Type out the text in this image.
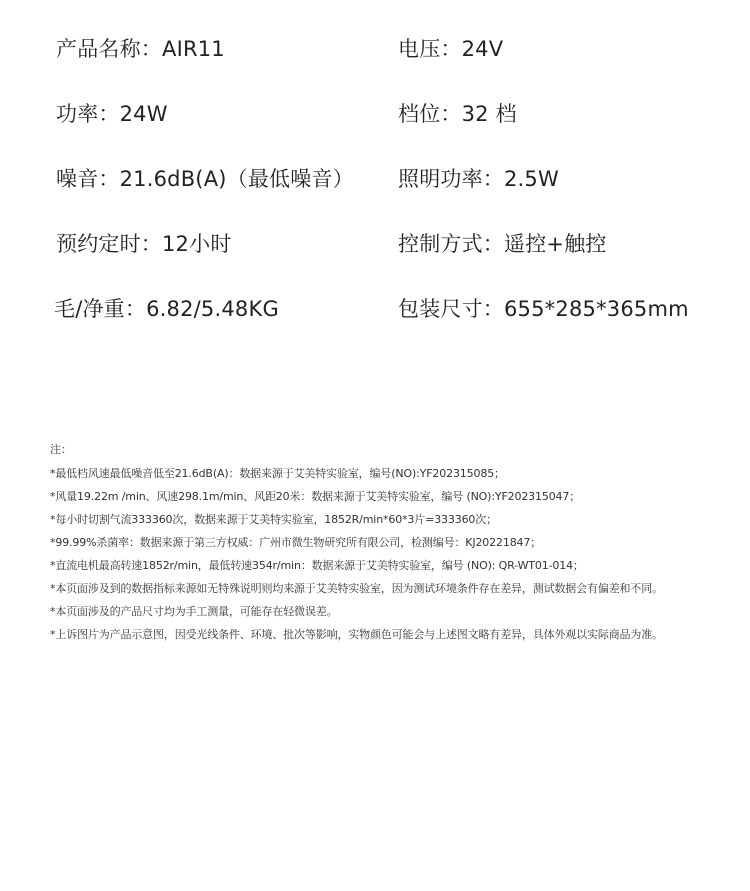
产品名称：AIR11	电压：24V
功率：24W	档位：32 档
噪音：21.6dB(A)（最低噪音） 照明功率：2.5W
预约定时：12小时	控制方式：遥控+触控
毛/净重：6.82/5.48KG	包装尺寸：655*285*365mm
注：
*最低档风速最低噪音低至21.6dB(A)：数据来源于艾美特实验室，编号(NO):YF202315085；
*风量19.22m /min、风速298.1m/min、风距20米：数据来源于艾美特实验室，编号 (NO):YF202315047；
*每小时切割气流333360次，数据来源于艾美特实验室，1852R/min*60*3片=333360次；
*99.99%杀菌率：数据来源于第三方权威：广州市微生物研究所有限公司，检测编号：KJ20221847；
*直流电机最高转速1852r/min，最低转速354r/min：数据来源于艾美特实验室，编号 (NO): QR-WT01-014；
*本页面涉及到的数据指标来源如无特殊说明则均来源于艾美特实验室，因为测试环境条件存在差异，测试数据会有偏差和不同。
*本页面涉及的产品尺寸均为手工测量，可能存在轻微误差。
*上诉图片为产品示意图，因受光线条件、环境、批次等影响，实物颜色可能会与上述图文略有差异，具体外观以实际商品为准。
